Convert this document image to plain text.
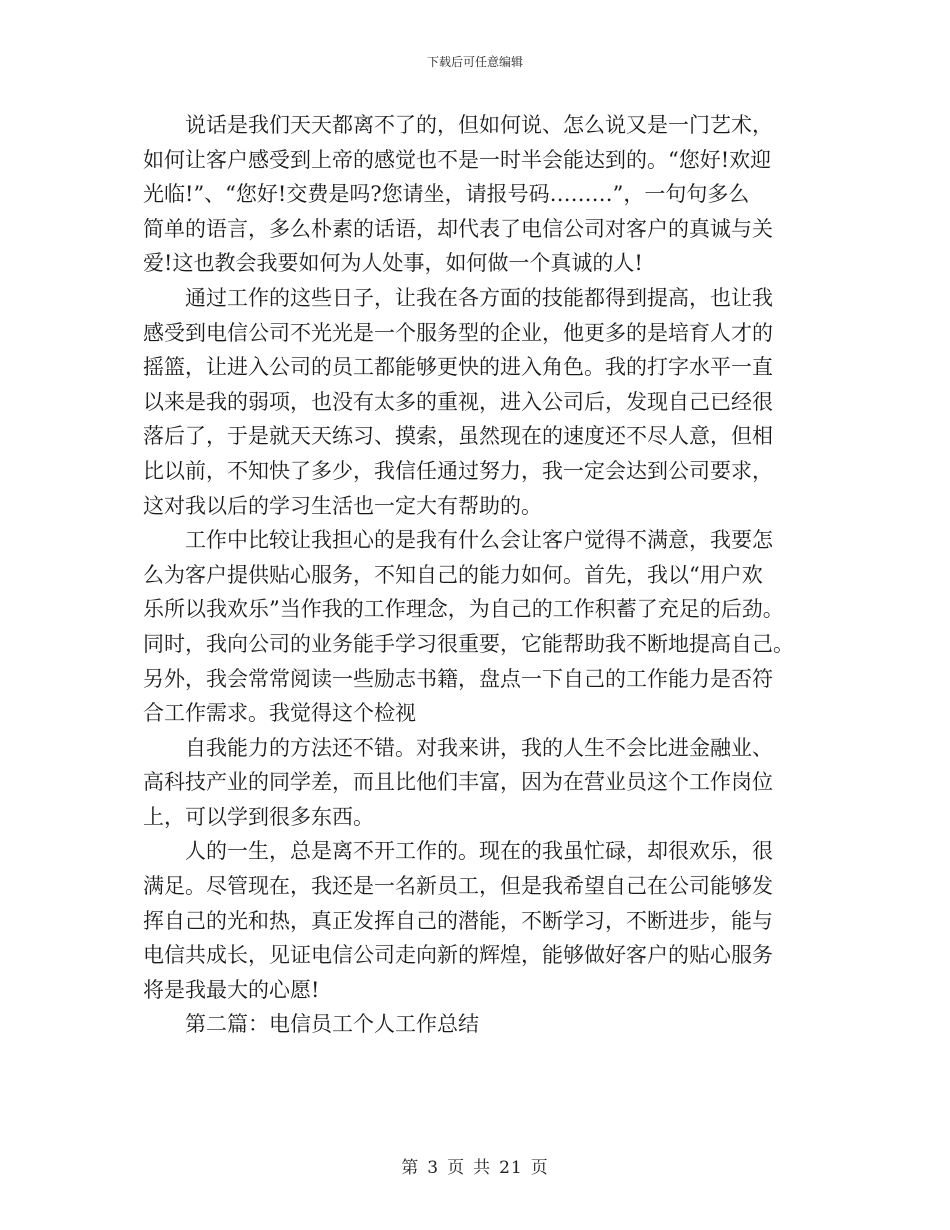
下载后可任意编辑
说话是我们天天都离不了的，但如何说、怎么说又是一门艺术，
如何让客户感受到上帝的感觉也不是一时半会能达到的。“您好!欢迎
光临!”、“您好!交费是吗?您请坐，请报号码………”，一句句多么
简单的语言，多么朴素的话语，却代表了电信公司对客户的真诚与关
爱!这也教会我要如何为人处事，如何做一个真诚的人!
通过工作的这些日子，让我在各方面的技能都得到提高，也让我
感受到电信公司不光光是一个服务型的企业，他更多的是培育人才的
摇篮，让进入公司的员工都能够更快的进入角色。我的打字水平一直
以来是我的弱项，也没有太多的重视，进入公司后，发现自己已经很
落后了，于是就天天练习、摸索，虽然现在的速度还不尽人意，但相
比以前，不知快了多少，我信任通过努力，我一定会达到公司要求，
这对我以后的学习生活也一定大有帮助的。
工作中比较让我担心的是我有什么会让客户觉得不满意，我要怎
么为客户提供贴心服务，不知自己的能力如何。首先，我以“用户欢
乐所以我欢乐”当作我的工作理念，为自己的工作积蓄了充足的后劲。
同时，我向公司的业务能手学习很重要，它能帮助我不断地提高自己。
另外，我会常常阅读一些励志书籍，盘点一下自己的工作能力是否符
合工作需求。我觉得这个检视
自我能力的方法还不错。对我来讲，我的人生不会比进金融业、
高科技产业的同学差，而且比他们丰富，因为在营业员这个工作岗位
上，可以学到很多东西。
人的一生，总是离不开工作的。现在的我虽忙碌，却很欢乐，很
满足。尽管现在，我还是一名新员工，但是我希望自己在公司能够发
挥自己的光和热，真正发挥自己的潜能，不断学习，不断进步，能与
电信共成长，见证电信公司走向新的辉煌，能够做好客户的贴心服务
将是我最大的心愿!
第二篇：电信员工个人工作总结
第 3 页 共 21 页
